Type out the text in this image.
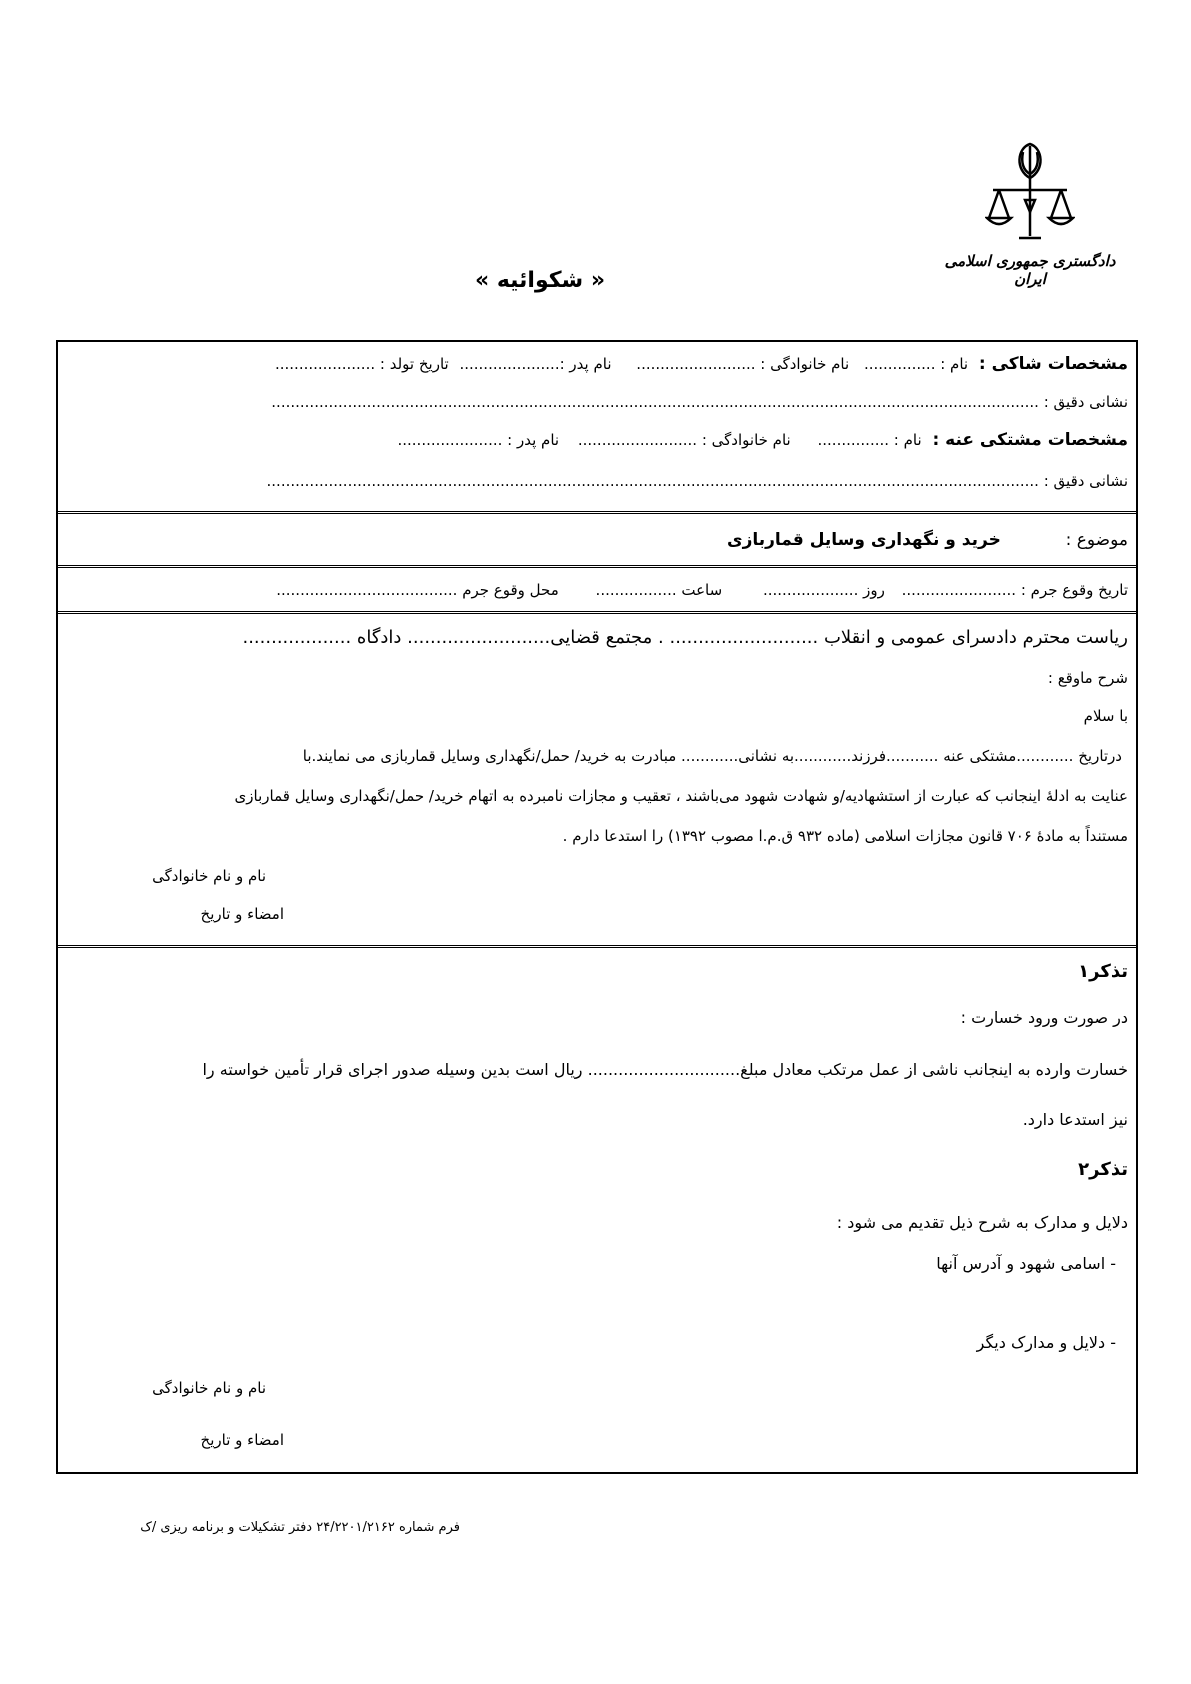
دادگستری جمهوری اسلامی ایران
« شکوائیه »
مشخصات شاکی : نام : ............... نام خانوادگی : ......................... نام پدر :..................... تاریخ تولد : .....................
نشانی دقیق : .................................................................................................................................................................
مشخصات مشتکی عنه : نام : ............... نام خانوادگی : ......................... نام پدر : ......................
نشانی دقیق : ..................................................................................................................................................................
موضوع : خرید و نگهداری وسایل قماربازی
تاریخ وقوع جرم : ........................ روز .................... ساعت ................. محل وقوع جرم ......................................
ریاست محترم دادسرای عمومی و انقلاب .......................... . مجتمع قضایی......................... دادگاه ...................
شرح ماوقع :
با سلام
درتاریخ ............مشتکی عنه ...........فرزند............به نشانی............ مبادرت به خرید/ حمل/نگهداری وسایل قماربازی می نمایند.با
عنایت به ادلهٔ اینجانب که عبارت از استشهادیه/و شهادت شهود می‌باشند ، تعقیب و مجازات نامبرده به اتهام خرید/ حمل/نگهداری وسایل قماربازی
مستنداً به مادهٔ ۷۰۶ قانون مجازات اسلامی (ماده ۹۳۲ ق.م.ا مصوب ۱۳۹۲) را استدعا دارم .
نام و نام خانوادگی
امضاء و تاریخ
تذکر۱
در صورت ورود خسارت :
خسارت وارده به اینجانب ناشی از عمل مرتکب معادل مبلغ.............................. ریال است بدین وسیله صدور اجرای قرار تأمین خواسته را
نیز استدعا دارد.
تذکر۲
دلایل و مدارک به شرح ذیل تقدیم می شود :
- اسامی شهود و آدرس آنها
- دلایل و مدارک دیگر
نام و نام خانوادگی
امضاء و تاریخ
فرم شماره ۲۴/۲۲۰۱/۲۱۶۲ دفتر تشکیلات و برنامه ریزی /ک
